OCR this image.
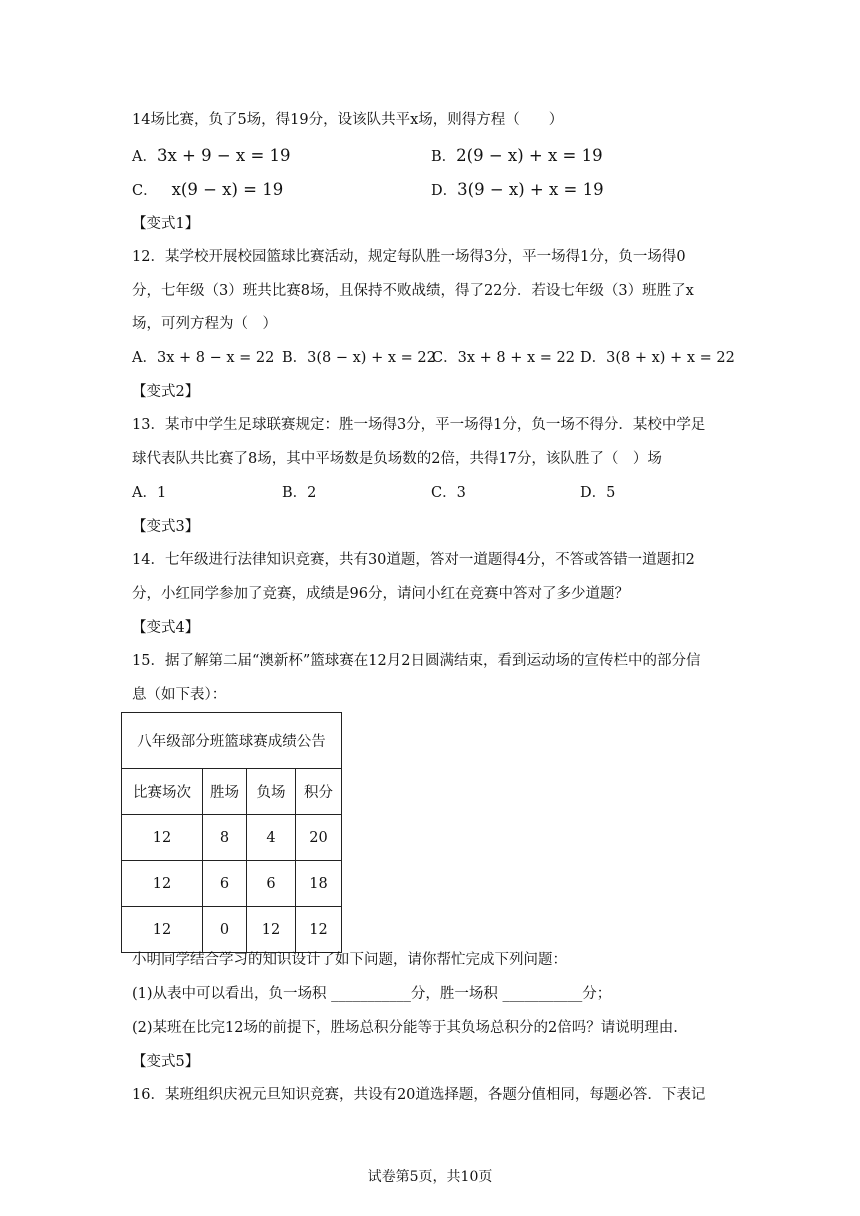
14场比赛，负了5场，得19分，设该队共平x场，则得方程（　　）
A．3x + 9 − x = 19	B．2(9 − x) + x = 19
C． x(9 − x) = 19	D．3(9 − x) + x = 19
【变式1】
12．某学校开展校园篮球比赛活动，规定每队胜一场得3分，平一场得1分，负一场得0
分，七年级（3）班共比赛8场，且保持不败战绩，得了22分．若设七年级（3）班胜了x
场，可列方程为（　）
A．3x + 8 − x = 22 B．3(8 − x) + x = 22
C．3x + 8 + x = 22 D．3(8 + x) + x = 22
【变式2】
13．某市中学生足球联赛规定：胜一场得3分，平一场得1分，负一场不得分．某校中学足
球代表队共比赛了8场，其中平场数是负场数的2倍，共得17分，该队胜了（　）场
A．1	B．2	C．3	D．5
【变式3】
14．七年级进行法律知识竞赛，共有30道题，答对一道题得4分，不答或答错一道题扣2
分，小红同学参加了竞赛，成绩是96分，请问小红在竞赛中答对了多少道题？
【变式4】
15．据了解第二届“澳新杯”篮球赛在12月2日圆满结束，看到运动场的宣传栏中的部分信
息（如下表）：
八年级部分班篮球赛成绩公告			
比赛场次	胜场	负场	积分
12	8	4	20
12	6	6	18
12	0	12	12
小明同学结合学习的知识设计了如下问题，请你帮忙完成下列问题：
(1)从表中可以看出，负一场积 ___________分，胜一场积 ___________分；
(2)某班在比完12场的前提下，胜场总积分能等于其负场总积分的2倍吗？请说明理由.
【变式5】
16．某班组织庆祝元旦知识竞赛，共设有20道选择题，各题分值相同，每题必答．下表记
试卷第5页，共10页
